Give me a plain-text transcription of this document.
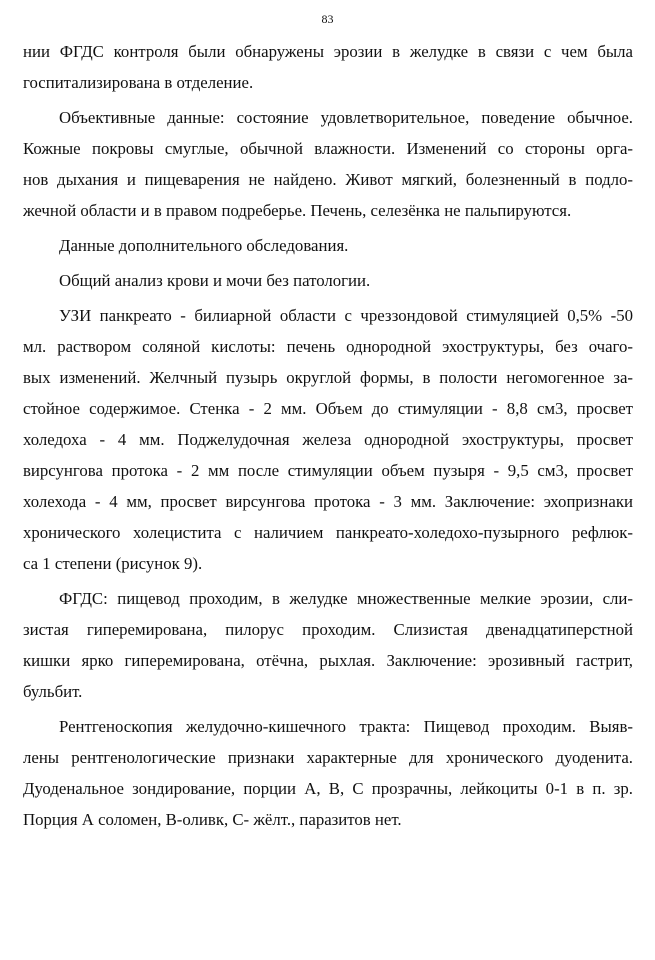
83
нии ФГДС контроля были обнаружены эрозии в желудке в связи с чем была
госпитализирована в отделение.
Объективные данные: состояние удовлетворительное, поведение обычное.
Кожные покровы смуглые, обычной влажности. Изменений со стороны орга-
нов дыхания и пищеварения не найдено. Живот мягкий, болезненный в подло-
жечной области и в правом подреберье. Печень, селезёнка не пальпируются.
Данные дополнительного обследования.
Общий анализ крови и мочи без патологии.
УЗИ панкреато - билиарной области с чреззондовой стимуляцией 0,5% -50
мл. раствором соляной кислоты: печень однородной эхоструктуры, без очаго-
вых изменений. Желчный пузырь округлой формы, в полости негомогенное за-
стойное содержимое. Стенка - 2 мм. Объем до стимуляции - 8,8 см3, просвет
холедоха - 4 мм. Поджелудочная железа однородной эхоструктуры, просвет
вирсунгова протока - 2 мм после стимуляции объем пузыря - 9,5 см3, просвет
холехода - 4 мм, просвет вирсунгова протока - 3 мм. Заключение: эхопризнаки
хронического холецистита с наличием панкреато-холедохо-пузырного рефлюк-
са 1 степени (рисунок 9).
ФГДС: пищевод проходим, в желудке множественные мелкие эрозии, сли-
зистая гиперемирована, пилорус проходим. Слизистая двенадцатиперстной
кишки ярко гиперемирована, отёчна, рыхлая. Заключение: эрозивный гастрит,
бульбит.
Рентгеноскопия желудочно-кишечного тракта: Пищевод проходим. Выяв-
лены рентгенологические признаки характерные для хронического дуоденита.
Дуоденальное зондирование, порции А, В, С прозрачны, лейкоциты 0-1 в п. зр.
Порция А соломен, В-оливк, С- жёлт., паразитов нет.
